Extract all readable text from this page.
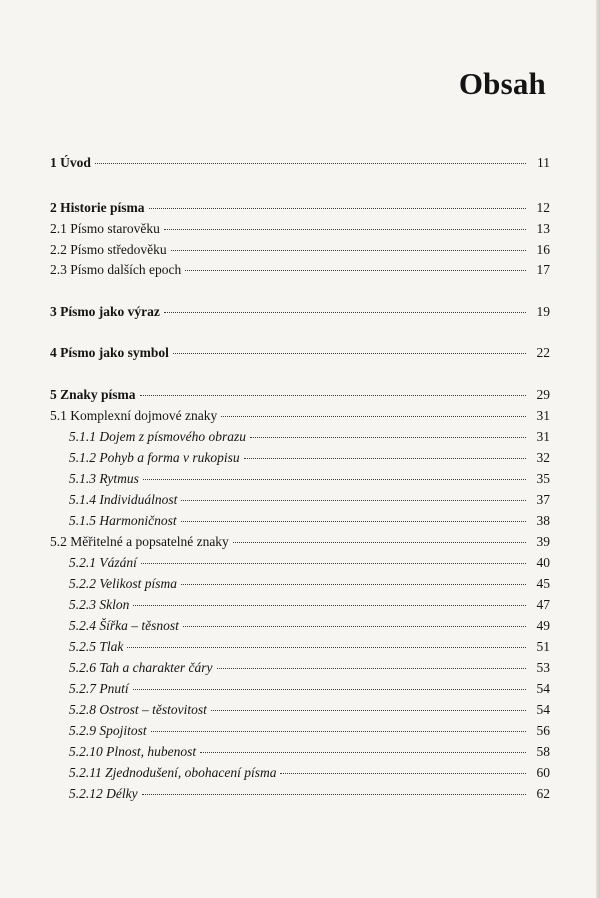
Obsah
1 Úvod	11
2 Historie písma	12
2.1 Písmo starověku	13
2.2 Písmo středověku	16
2.3 Písmo dalších epoch	17
3 Písmo jako výraz	19
4 Písmo jako symbol	22
5 Znaky písma	29
5.1 Komplexní dojmové znaky	31
5.1.1 Dojem z písmového obrazu	31
5.1.2 Pohyb a forma v rukopisu	32
5.1.3 Rytmus	35
5.1.4 Individuálnost	37
5.1.5 Harmoničnost	38
5.2 Měřitelné a popsatelné znaky	39
5.2.1 Vázání	40
5.2.2 Velikost písma	45
5.2.3 Sklon	47
5.2.4 Šířka – těsnost	49
5.2.5 Tlak	51
5.2.6 Tah a charakter čáry	53
5.2.7 Pnutí	54
5.2.8 Ostrost – těstovitost	54
5.2.9 Spojitost	56
5.2.10 Plnost, hubenost	58
5.2.11 Zjednodušení, obohacení písma	60
5.2.12 Délky	62
